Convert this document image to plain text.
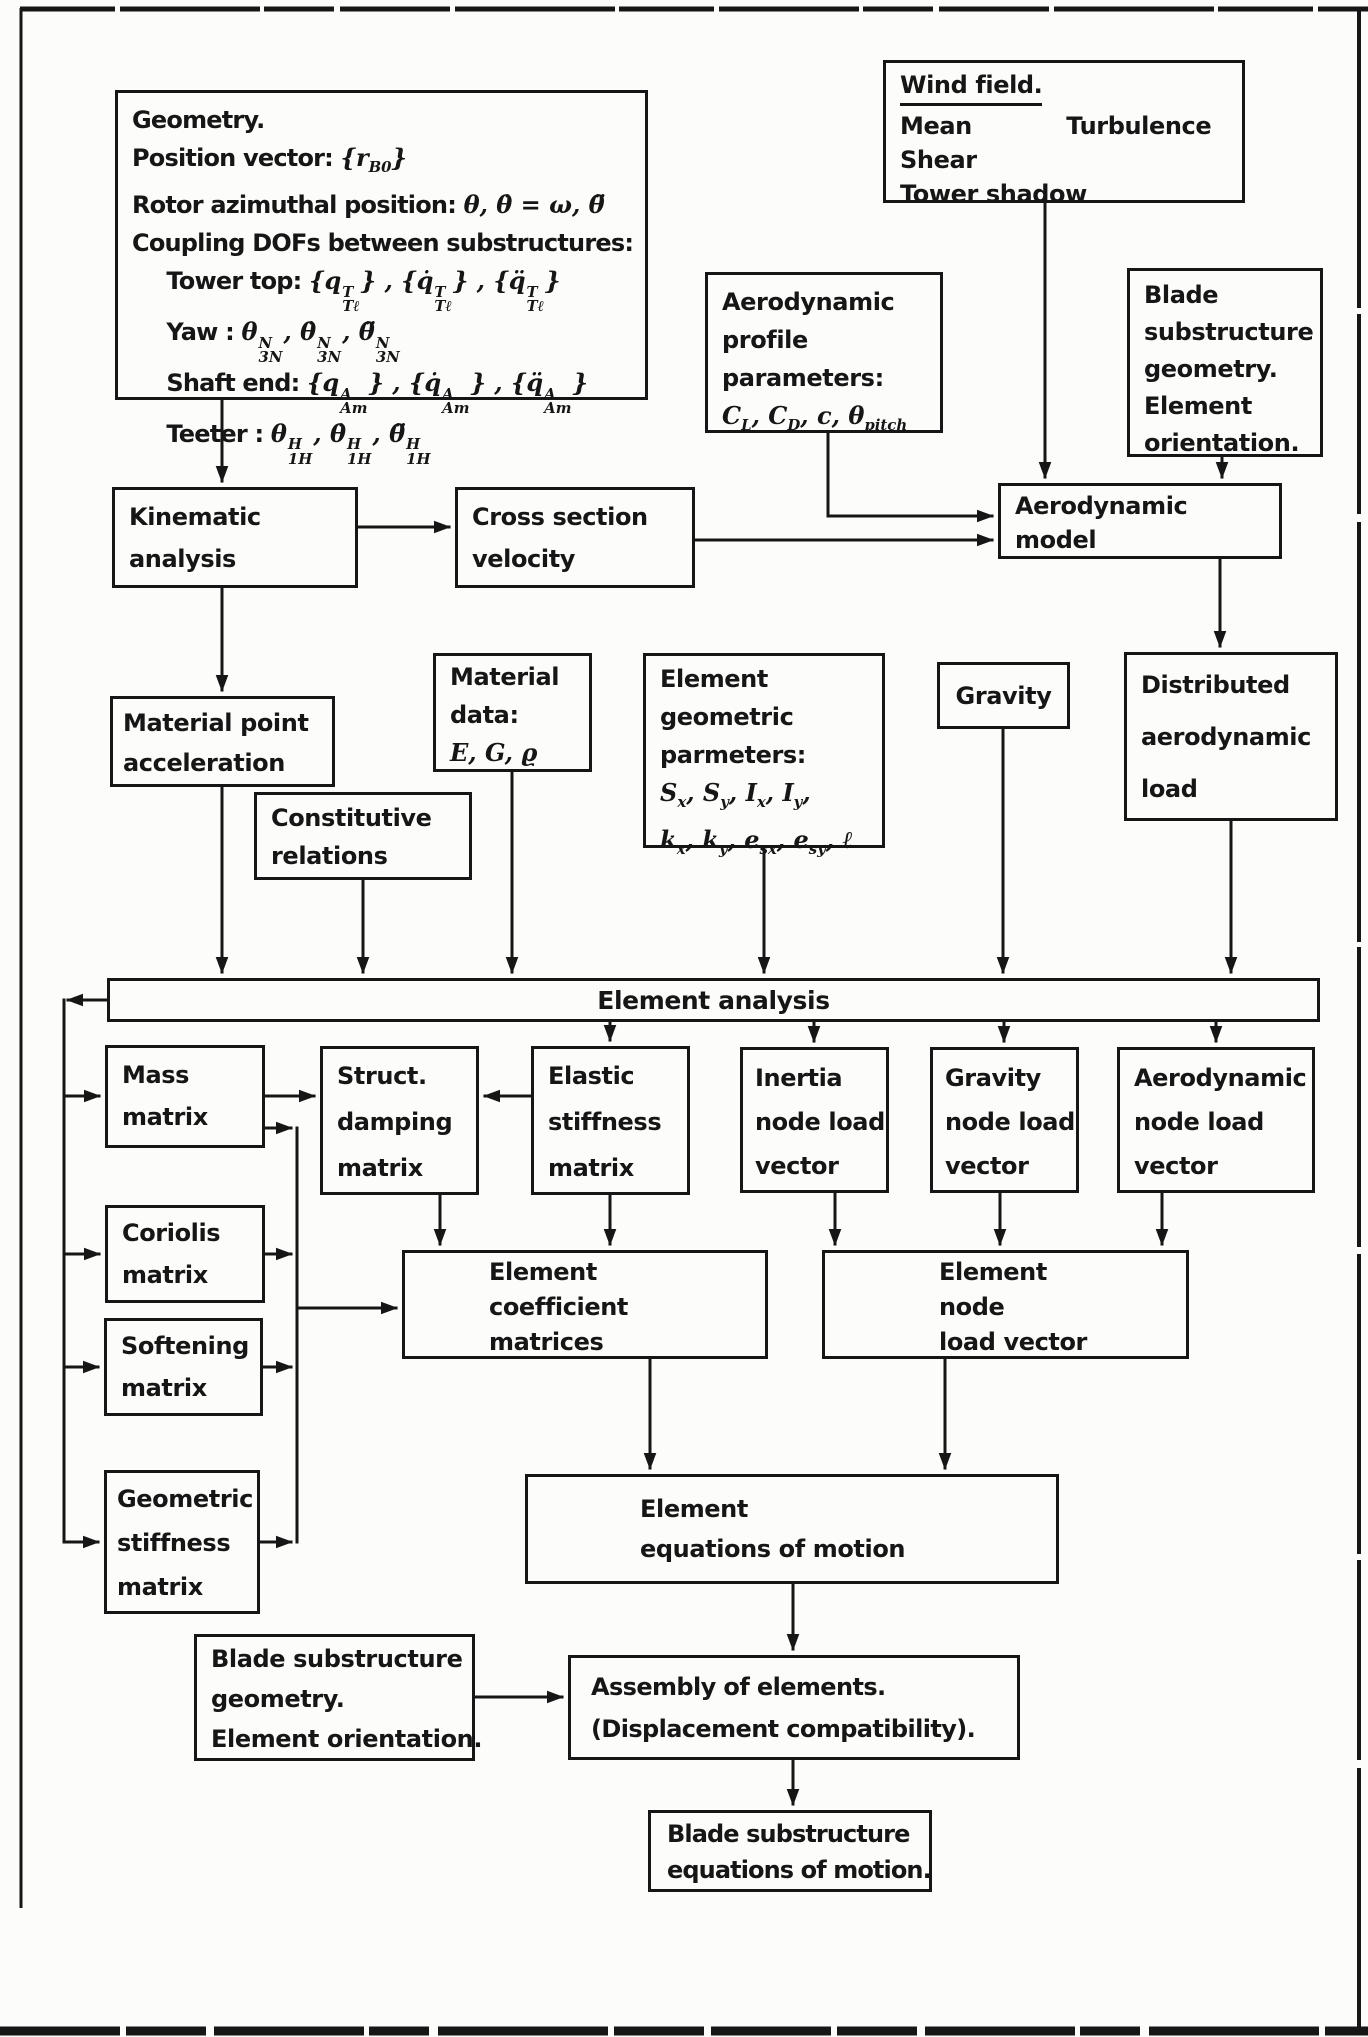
Geometry.
Position vector: $\{r_{B0}\}$
Rotor azimuthal position: θ, θ̇ = ω, θ̈
Coupling DOFs between substructures:
  Tower top: {q T
Tℓ
} , {q̇ T
Tℓ
} , {q̈ T
Tℓ
}
  Yaw : θ N
3N
, θ̇ N
3N
, θ̈ N
3N
  Shaft end: {q A
Am
} , {q̇ A
Am
} , {q̈ A
Am
}
  Teeter : θ H
1H
, θ̇ H
1H
, θ̈ H
1H
Wind field.
Mean    Turbulence
Shear
Tower shadow
Aerodynamic
profile
parameters:
$C_L$, $C_D$, c, $\theta_{pitch}$
Blade
substructure
geometry.
Element
orientation.
Kinematic
analysis
Cross section
velocity
Aerodynamic
model
Material point
acceleration
Material
data:
E, G, ϱ
Constitutive
relations
Element
geometric
parmeters:
$S_x$, $S_y$, $I_x$, $I_y$,
$k_x$, $k_y$, $e_{sx}$, $e_{sy}$, ℓ
Gravity	Distributed
aerodynamic
load
Element analysis
Mass
matrix
Struct.
damping
matrix
Elastic
stiffness
matrix
Inertia
node load
vector
Gravity
node load
vector
Aerodynamic
node load
vector
Coriolis
matrix
Softening
matrix
Geometric
stiffness
matrix
Element
coefficient
matrices
Element
node
load vector
Element
equations of motion
Blade substructure
geometry.
Element orientation.
Assembly of elements.
(Displacement compatibility).
Blade substructure
equations of motion.
